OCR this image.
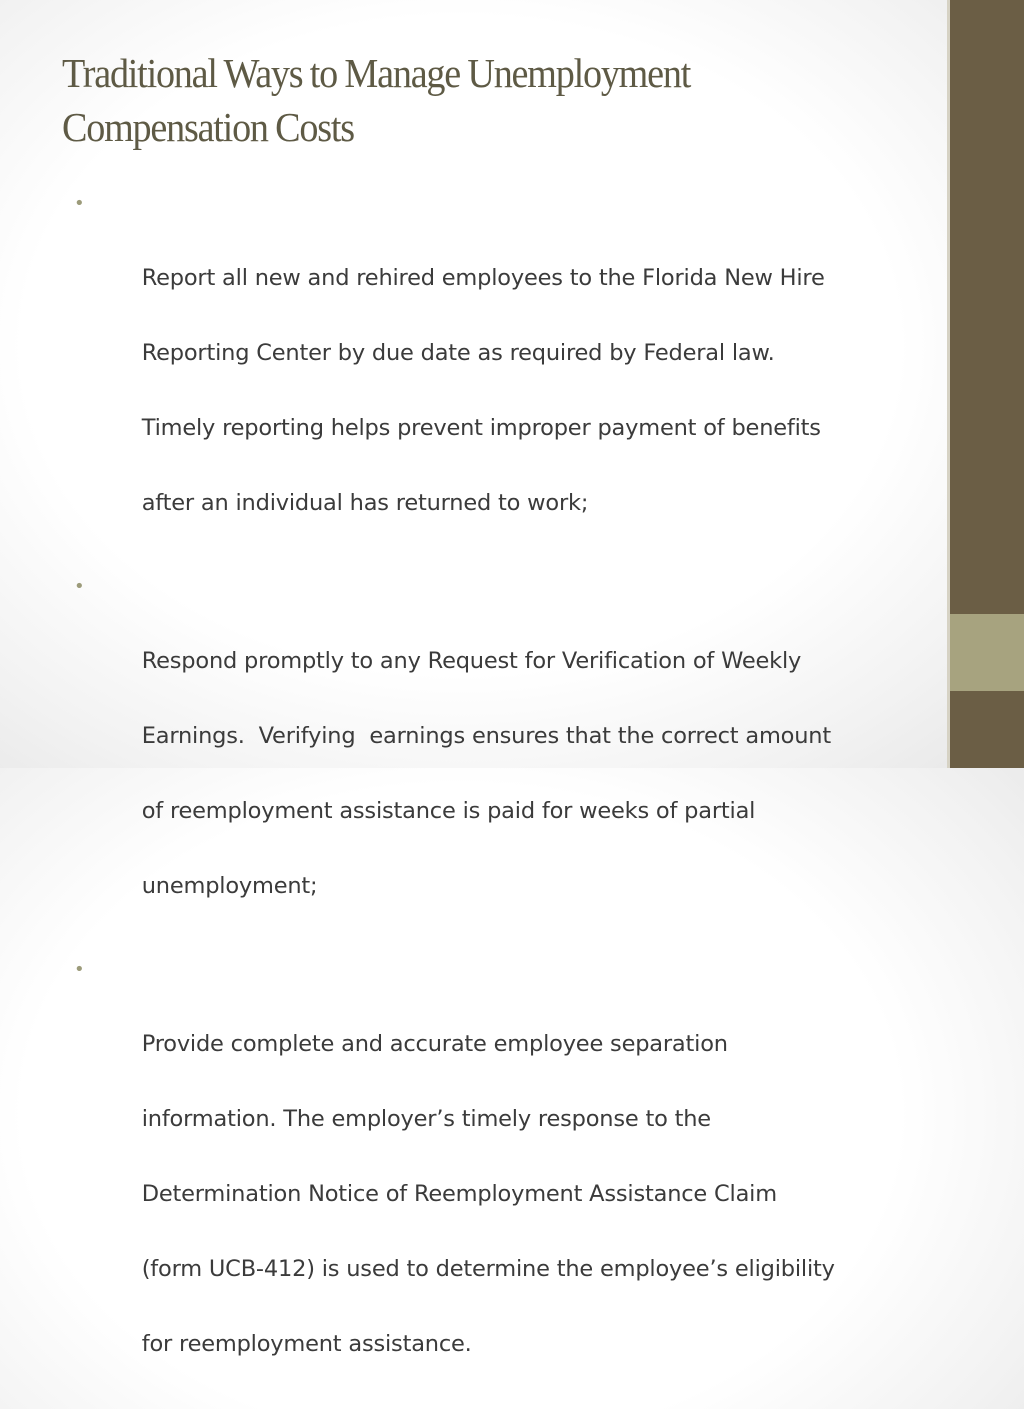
Traditional Ways to Manage Unemployment
Compensation Costs

•

Report all new and rehired employees to the Florida New Hire

Reporting Center by due date as required by Federal law.

Timely reporting helps prevent improper payment of benefits

after an individual has returned to work;

•

Respond promptly to any Request for Verification of Weekly

Earnings.  Verifying  earnings ensures that the correct amount

of reemployment assistance is paid for weeks of partial

unemployment;

•

Provide complete and accurate employee separation

information. The employer’s timely response to the

Determination Notice of Reemployment Assistance Claim

(form UCB-412) is used to determine the employee’s eligibility

for reemployment assistance.
